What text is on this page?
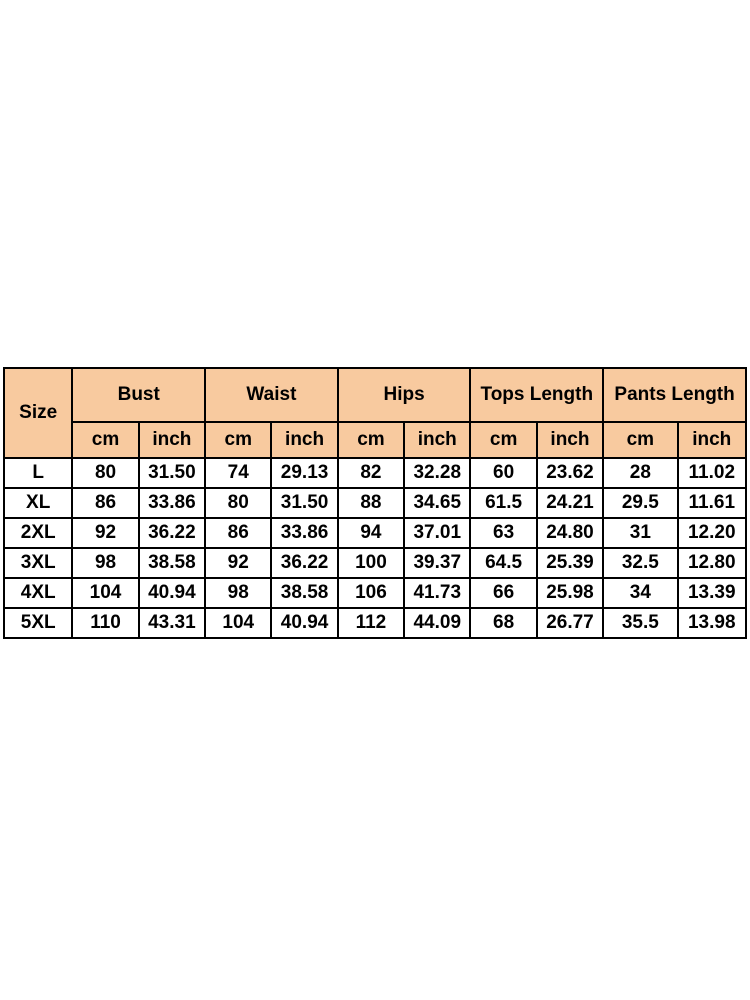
Size	Bust		Waist		Hips		Tops Length		Pants Length	
	cm	inch	cm	inch	cm	inch	cm	inch	cm	inch
L	80	31.50	74	29.13	82	32.28	60	23.62	28	11.02
XL	86	33.86	80	31.50	88	34.65	61.5	24.21	29.5	11.61
2XL	92	36.22	86	33.86	94	37.01	63	24.80	31	12.20
3XL	98	38.58	92	36.22	100	39.37	64.5	25.39	32.5	12.80
4XL	104	40.94	98	38.58	106	41.73	66	25.98	34	13.39
5XL	110	43.31	104	40.94	112	44.09	68	26.77	35.5	13.98
